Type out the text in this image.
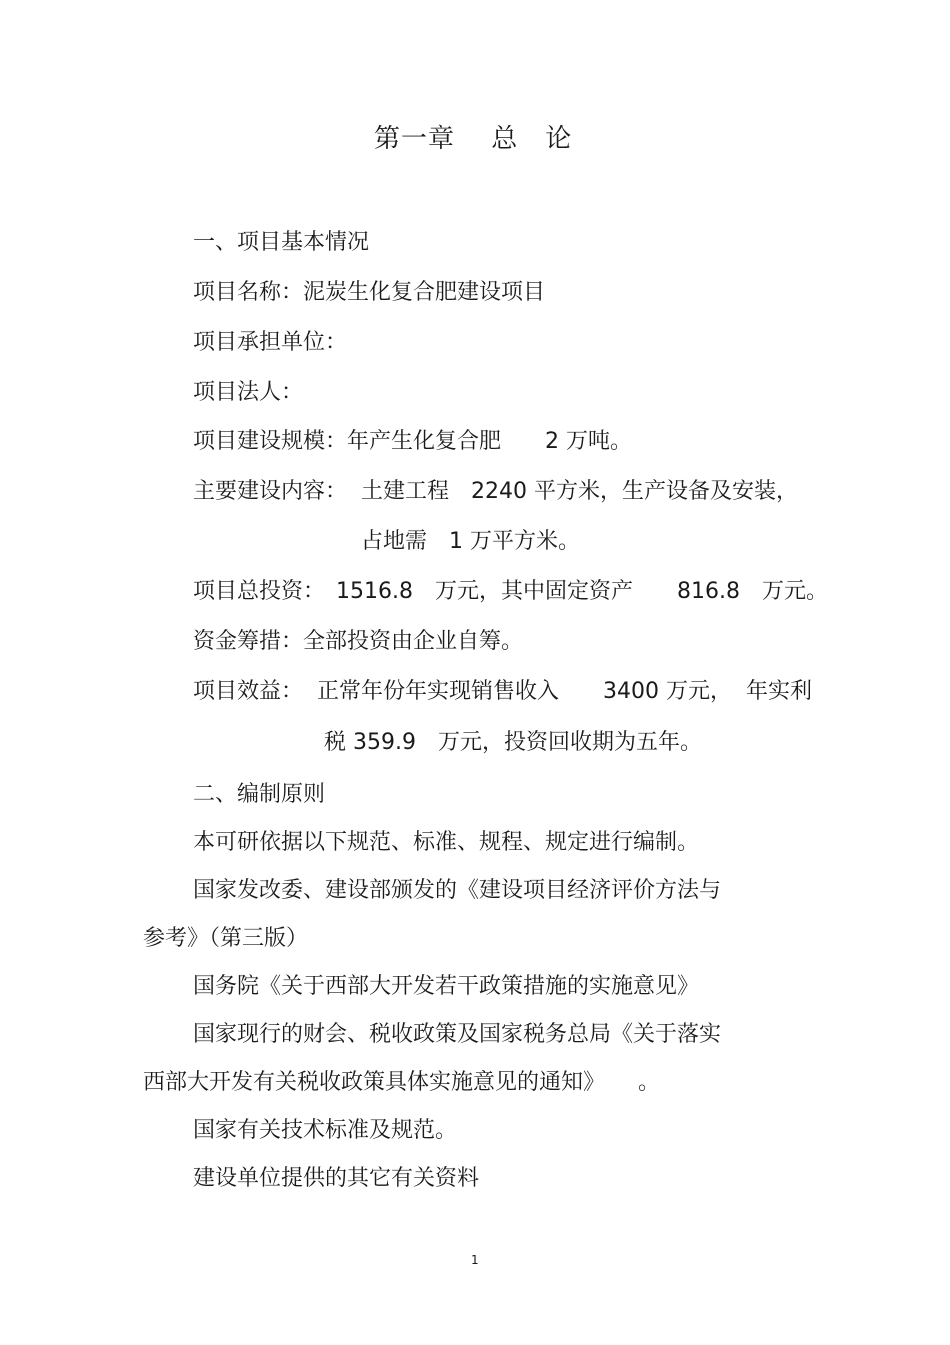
第一章　 总　论
一、项目基本情况
项目名称：泥炭生化复合肥建设项目
项目承担单位：
项目法人：
项目建设规模：年产生化复合肥　　2 万吨。
主要建设内容：  土建工程　2240 平方米，生产设备及安装，
占地需　1 万平方米。
项目总投资：　1516.8　万元，其中固定资产　　816.8　万元。
资金筹措：全部投资由企业自筹。
项目效益：  正常年份年实现销售收入　　3400 万元，  年实利
税 359.9　万元，投资回收期为五年。
二、编制原则
本可研依据以下规范、标准、规程、规定进行编制。
国家发改委、建设部颁发的《建设项目经济评价方法与
参考》（第三版）
国务院《关于西部大开发若干政策措施的实施意见》
国家现行的财会、税收政策及国家税务总局《关于落实
西部大开发有关税收政策具体实施意见的通知》　　。
国家有关技术标准及规范。
建设单位提供的其它有关资料
1
